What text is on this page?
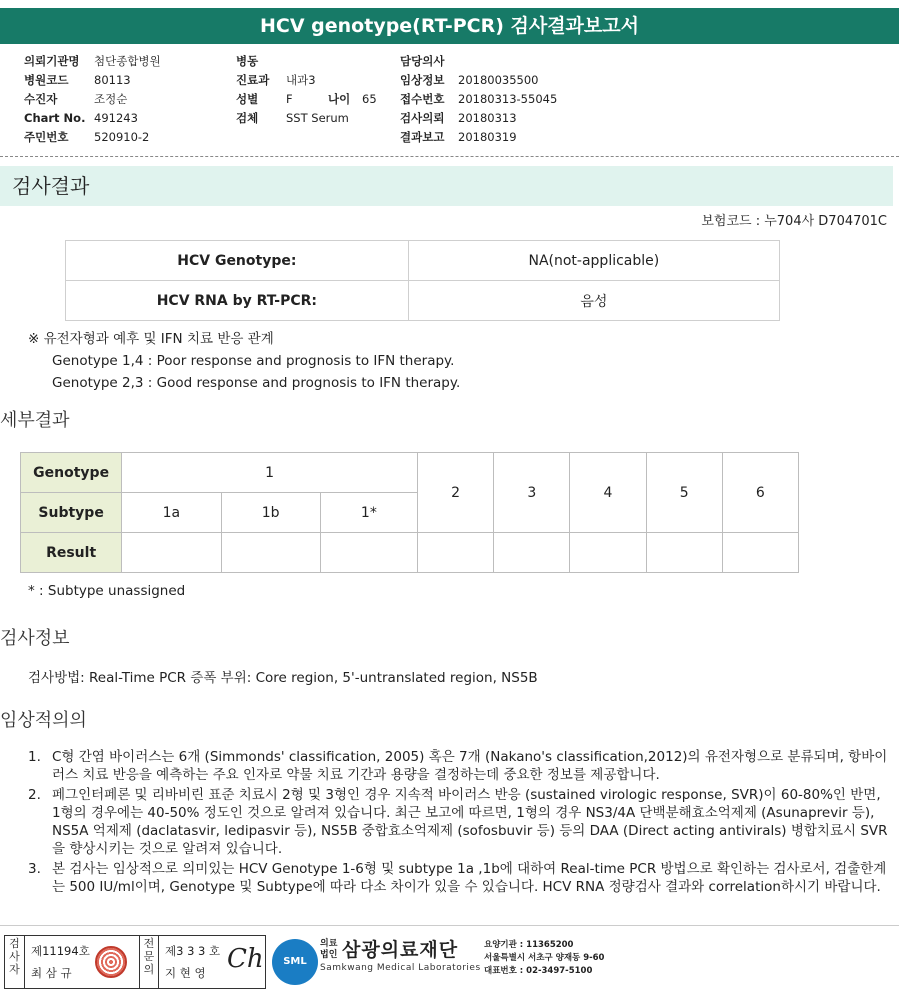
HCV genotype(RT-PCR) 검사결과보고서
의뢰기관명 첨단종합병원
병원코드 80113
수진자	조정순
Chart No. 491243
주민번호 520910-2
병동
진료과 내과3
성별 F	나이 65
검체 SST Serum
담당의사
임상정보 20180035500
접수번호 20180313-55045
검사의뢰 20180313
결과보고 20180319
검사결과
보험코드 : 누704사 D704701C
HCV Genotype:	NA(not-applicable)
HCV RNA by RT-PCR:	음성
※ 유전자형과 예후 및 IFN 치료 반응 관계
Genotype 1,4 : Poor response and prognosis to IFN therapy.
Genotype 2,3 : Good response and prognosis to IFN therapy.
세부결과
Genotype	1			2	3	4	5	6
Subtype	1a	1b	1*					
Result								
* : Subtype unassigned
검사정보
검사방법: Real-Time PCR 증폭 부위: Core region, 5'-untranslated region, NS5B
임상적의의
1. C형 간염 바이러스는 6개 (Simmonds' classification, 2005) 혹은 7개 (Nakano's classification,2012)의 유전자형으로 분류되며, 항바이러스 치료 반응을 예측하는 주요 인자로 약물 치료 기간과 용량을 결정하는데 중요한 정보를 제공합니다.
2. 페그인터페론 및 리바비린 표준 치료시 2형 및 3형인 경우 지속적 바이러스 반응 (sustained virologic response, SVR)이 60-80%인 반면, 1형의 경우에는 40-50% 정도인 것으로 알려져 있습니다. 최근 보고에 따르면, 1형의 경우 NS3/4A 단백분해효소억제제 (Asunaprevir 등), NS5A 억제제 (daclatasvir, ledipasvir 등), NS5B 중합효소억제제 (sofosbuvir 등) 등의 DAA (Direct acting antivirals) 병합치료시 SVR을 향상시키는 것으로 알려져 있습니다.
3. 본 검사는 임상적으로 의미있는 HCV Genotype 1-6형 및 subtype 1a ,1b에 대하여 Real-time PCR 방법으로 확인하는 검사로서, 검출한계는 500 IU/ml이며, Genotype 및 Subtype에 따라 다소 차이가 있을 수 있습니다. HCV RNA 정량검사 결과와 correlation하시기 바랍니다.
검사자
제11194호
최 삼 규
전문의
제3 3 3 호
지 현 영 Ch	SML
의료
법인 삼광의료재단
Samkwang Medical Laboratories
요양기관 : 11365200
서울특별시 서초구 양재동 9-60
대표번호 : 02-3497-5100
